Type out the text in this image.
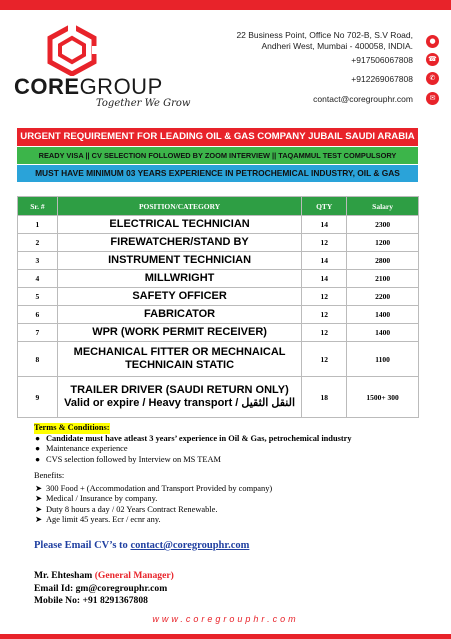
COREGROUP
Together We Grow
22 Business Point, Office No 702-B, S.V Road,
Andheri West, Mumbai - 400058, INDIA.
+917506067808
+912269067808
contact@coregrouphr.com
●
☎
✆
✉
URGENT REQUIREMENT FOR LEADING OIL & GAS COMPANY JUBAIL SAUDI ARABIA
READY VISA || CV SELECTION FOLLOWED BY ZOOM INTERVIEW || TAQAMMUL TEST COMPULSORY
MUST HAVE MINIMUM 03 YEARS EXPERIENCE IN PETROCHEMICAL INDUSTRY, OIL & GAS
Sr. #	POSITION/CATEGORY	QTY	Salary
1	ELECTRICAL TECHNICIAN	14	2300
2	FIREWATCHER/STAND BY	12	1200
3	INSTRUMENT TECHNICIAN	14	2800
4	MILLWRIGHT	14	2100
5	SAFETY OFFICER	12	2200
6	FABRICATOR	12	1400
7	WPR (WORK PERMIT RECEIVER)	12	1400
8	MECHANICAL FITTER OR MECHNAICAL
TECHNICAIN STATIC	12	1100
9	TRAILER DRIVER (SAUDI RETURN ONLY)
Valid or expire / Heavy transport / النقل الثقيل	18	1500+ 300
Terms & Conditions:
● Candidate must have atleast 3 years’ experience in Oil & Gas, petrochemical industry
● Maintenance experience
● CVS selection followed by Interview on MS TEAM
Benefits:
➤ 300 Food + (Accommodation and Transport Provided by company)
➤ Medical / Insurance by company.
➤ Duty 8 hours a day / 02 Years Contract Renewable.
➤ Age limit 45 years. Ecr / ecnr any.
Please Email CV’s to contact@coregrouphr.com
Mr. Ehtesham (General Manager)
Email Id: gm@coregrouphr.com
Mobile No: +91 8291367808
www.coregrouphr.com
